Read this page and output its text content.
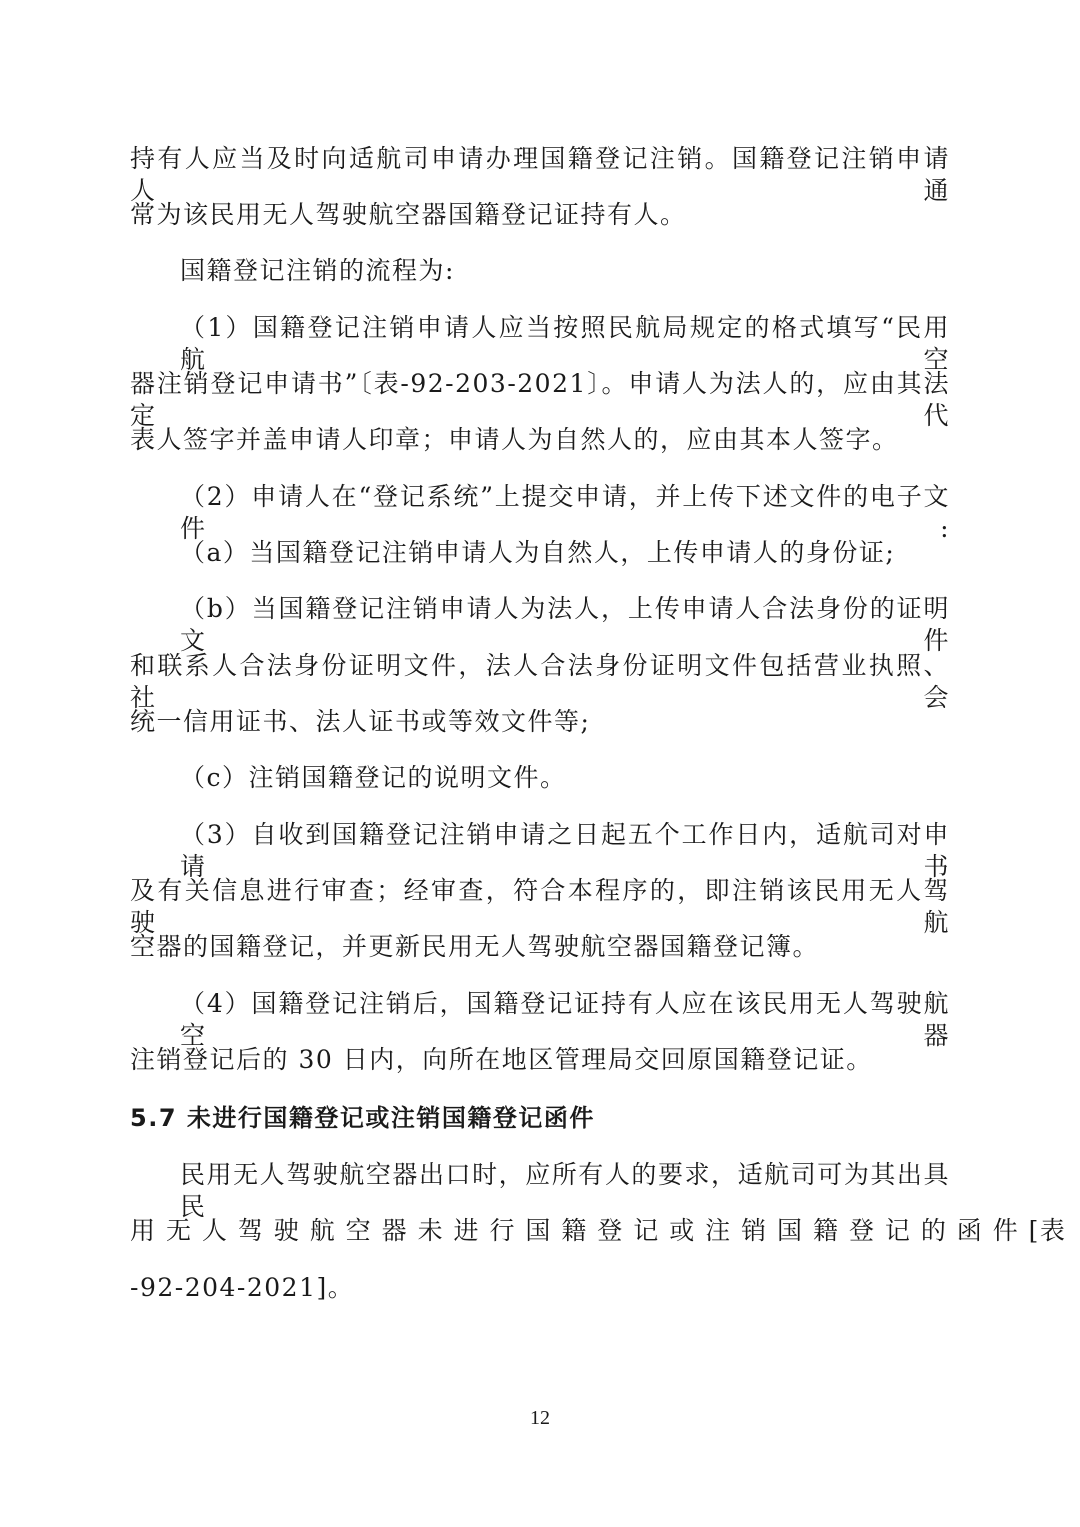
持有人应当及时向适航司申请办理国籍登记注销。国籍登记注销申请人通
常为该民用无人驾驶航空器国籍登记证持有人。
国籍登记注销的流程为:
（1）国籍登记注销申请人应当按照民航局规定的格式填写“民用航空
器注销登记申请书”〔表-92-203-2021〕。申请人为法人的，应由其法定代
表人签字并盖申请人印章；申请人为自然人的，应由其本人签字。
（2）申请人在“登记系统”上提交申请，并上传下述文件的电子文件:
（a）当国籍登记注销申请人为自然人，上传申请人的身份证;
（b）当国籍登记注销申请人为法人，上传申请人合法身份的证明文件
和联系人合法身份证明文件，法人合法身份证明文件包括营业执照、社会
统一信用证书、法人证书或等效文件等;
（c）注销国籍登记的说明文件。
（3）自收到国籍登记注销申请之日起五个工作日内，适航司对申请书
及有关信息进行审查；经审查，符合本程序的，即注销该民用无人驾驶航
空器的国籍登记，并更新民用无人驾驶航空器国籍登记簿。
（4）国籍登记注销后，国籍登记证持有人应在该民用无人驾驶航空器
注销登记后的 30 日内，向所在地区管理局交回原国籍登记证。
5.7 未进行国籍登记或注销国籍登记函件
民用无人驾驶航空器出口时，应所有人的要求，适航司可为其出具民
用 无 人 驾 驶 航 空 器 未 进 行 国 籍 登 记 或 注 销 国 籍 登 记 的 函 件 [表
-92-204-2021]。
12
